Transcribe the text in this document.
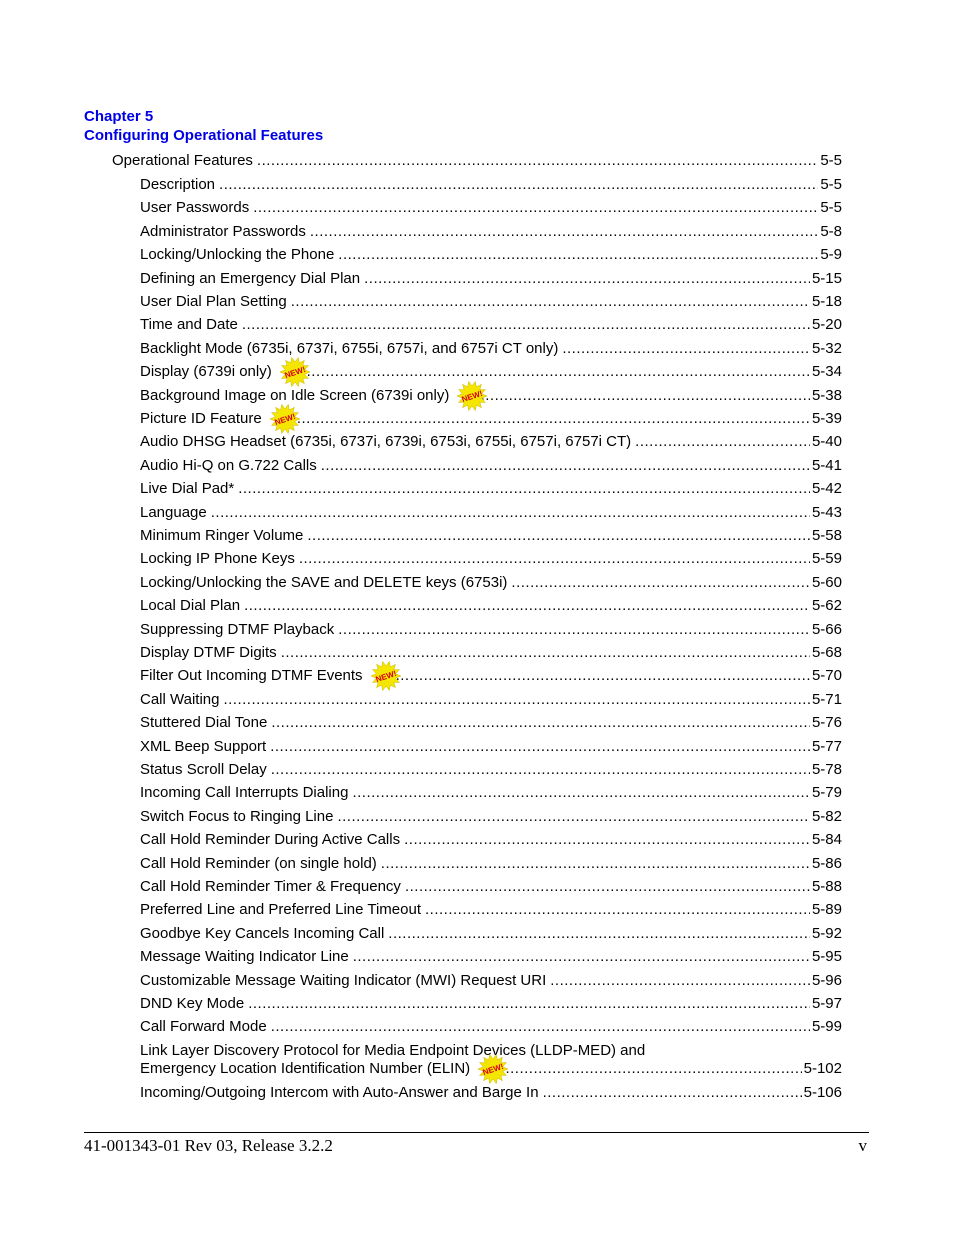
Chapter 5
Configuring Operational Features
Operational Features .....	5-5
Description .....	5-5
User Passwords .....	5-5
Administrator Passwords .....	5-8
Locking/Unlocking the Phone .....	5-9
Defining an Emergency Dial Plan .....	5-15
User Dial Plan Setting .....	5-18
Time and Date .....	5-20
Backlight Mode (6735i, 6737i, 6755i, 6757i, and 6757i CT only) .....	5-32
Display (6739i only)	NEW! .....	5-34
Background Image on Idle Screen (6739i only)	NEW! .....	5-38
Picture ID Feature	NEW! .....	5-39
Audio DHSG Headset (6735i, 6737i, 6739i, 6753i, 6755i, 6757i, 6757i CT) .....	5-40
Audio Hi-Q on G.722 Calls .....	5-41
Live Dial Pad* .....	5-42
Language .....	5-43
Minimum Ringer Volume .....	5-58
Locking IP Phone Keys .....	5-59
Locking/Unlocking the SAVE and DELETE keys (6753i) .....	5-60
Local Dial Plan .....	5-62
Suppressing DTMF Playback .....	5-66
Display DTMF Digits .....	5-68
Filter Out Incoming DTMF Events	NEW! .....	5-70
Call Waiting .....	5-71
Stuttered Dial Tone .....	5-76
XML Beep Support .....	5-77
Status Scroll Delay .....	5-78
Incoming Call Interrupts Dialing .....	5-79
Switch Focus to Ringing Line .....	5-82
Call Hold Reminder During Active Calls .....	5-84
Call Hold Reminder (on single hold) .....	5-86
Call Hold Reminder Timer & Frequency .....	5-88
Preferred Line and Preferred Line Timeout .....	5-89
Goodbye Key Cancels Incoming Call .....	5-92
Message Waiting Indicator Line .....	5-95
Customizable Message Waiting Indicator (MWI) Request URI .....	5-96
DND Key Mode .....	5-97
Call Forward Mode .....	5-99
Link Layer Discovery Protocol for Media Endpoint Devices (LLDP-MED) and
Emergency Location Identification Number (ELIN)	NEW! .....	5-102
Incoming/Outgoing Intercom with Auto-Answer and Barge In .....	5-106
41-001343-01 Rev 03, Release 3.2.2	v
